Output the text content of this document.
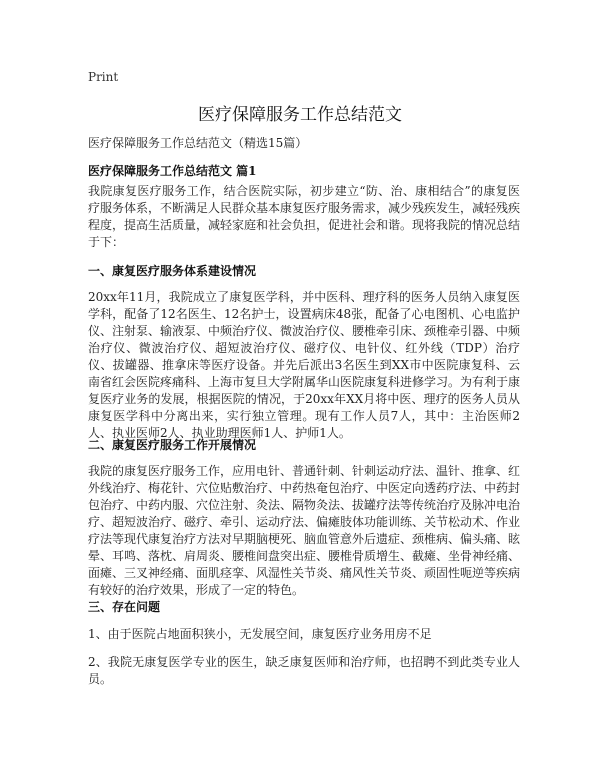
Print
医疗保障服务工作总结范文
医疗保障服务工作总结范文（精选15篇）
医疗保障服务工作总结范文 篇1

我院康复医疗服务工作，结合医院实际，初步建立“防、治、康相结合”的康复医疗服务体系，不断满足人民群众基本康复医疗服务需求，减少残疾发生，减轻残疾程度，提高生活质量，减轻家庭和社会负担，促进社会和谐。现将我院的情况总结于下：

一、康复医疗服务体系建设情况

20xx年11月，我院成立了康复医学科，并中医科、理疗科的医务人员纳入康复医学科，配备了12名医生、12名护士，设置病床48张，配备了心电图机、心电监护仪、注射泵、输液泵、中频治疗仪、微波治疗仪、腰椎牵引床、颈椎牵引器、中频治疗仪、微波治疗仪、超短波治疗仪、磁疗仪、电针仪、红外线（TDP）治疗仪、拔罐器、推拿床等医疗设备。并先后派出3名医生到XX市中医院康复科、云南省红会医院疼痛科、上海市复旦大学附属华山医院康复科进修学习。为有利于康复医疗业务的发展，根据医院的情况，于20xx年XX月将中医、理疗的医务人员从康复医学科中分离出来，实行独立管理。现有工作人员7人，其中：主治医师2人、执业医师2人、执业助理医师1人、护师1人。

二、康复医疗服务工作开展情况

我院的康复医疗服务工作，应用电针、普通针刺、针刺运动疗法、温针、推拿、红外线治疗、梅花针、穴位贴敷治疗、中药热奄包治疗、中医定向透药疗法、中药封包治疗、中药内服、穴位注射、灸法、隔物灸法、拔罐疗法等传统治疗及脉冲电治疗、超短波治疗、磁疗、牵引、运动疗法、偏瘫肢体功能训练、关节松动术、作业疗法等现代康复治疗方法对早期脑梗死、脑血管意外后遗症、颈椎病、偏头痛、眩晕、耳鸣、落枕、肩周炎、腰椎间盘突出症、腰椎骨质增生、截瘫、坐骨神经痛、面瘫、三叉神经痛、面肌痉挛、风湿性关节炎、痛风性关节炎、顽固性呃逆等疾病有较好的治疗效果，形成了一定的特色。

三、存在问题

1、由于医院占地面积狭小，无发展空间，康复医疗业务用房不足

2、我院无康复医学专业的医生，缺乏康复医师和治疗师，也招聘不到此类专业人员。
